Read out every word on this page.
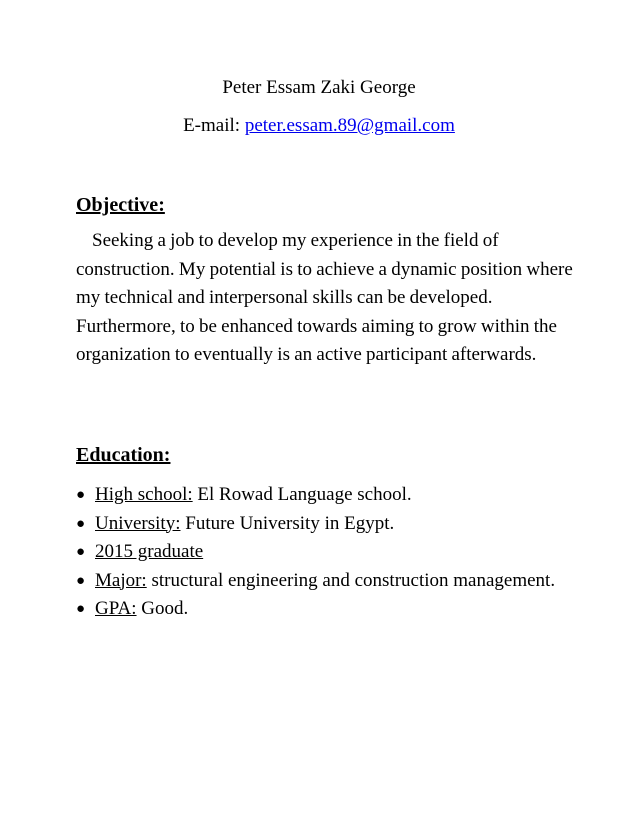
Peter Essam Zaki George
E-mail: peter.essam.89@gmail.com
Objective:
Seeking a job to develop my experience in the field of construction. My potential is to achieve a dynamic position where my technical and interpersonal skills can be developed. Furthermore, to be enhanced towards aiming to grow within the organization to eventually is an active participant afterwards.
Education:
● High school: El Rowad Language school.
● University: Future University in Egypt.
● 2015 graduate
● Major: structural engineering and construction management.
● GPA: Good.
